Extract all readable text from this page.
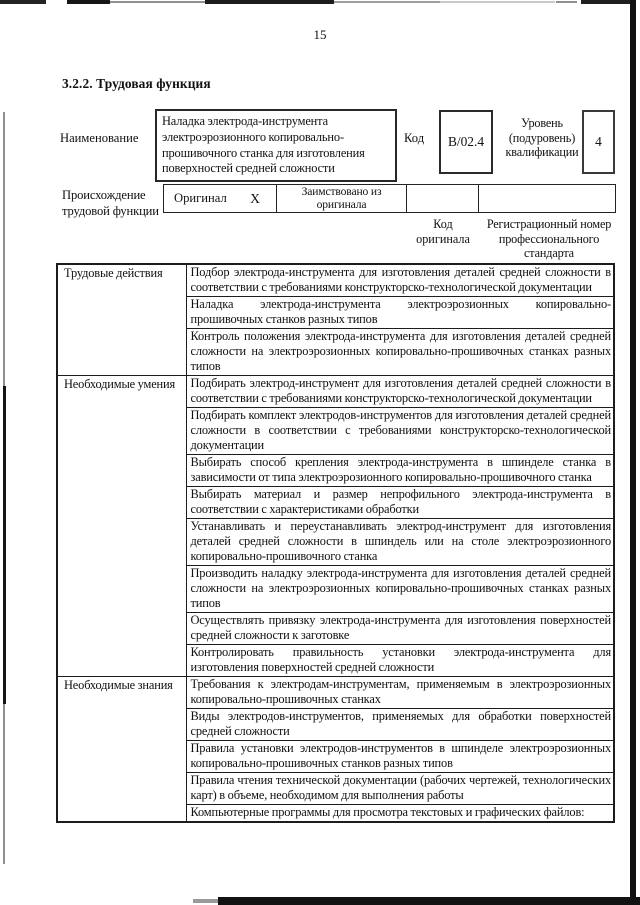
15
3.2.2. Трудовая функция
Наименование
Наладка электрода-инструмента электроэрозионного копировально-прошивочного станка для изготовления поверхностей средней сложности
Код	В/02.4
Уровень (подуровень) квалификации
4
Происхождение трудовой функции
Оригинал X	Заимствовано из оригинала
Код оригинала
Регистрационный номер профессионального стандарта
Трудовые действия	Подбор электрода-инструмента для изготовления деталей средней сложности в соответствии с требованиями конструкторско-технологической документации
	Наладка электрода-инструмента электроэрозионных копировально-прошивочных станков разных типов
	Контроль положения электрода-инструмента для изготовления деталей средней сложности на электроэрозионных копировально-прошивочных станках разных типов
Необходимые умения	Подбирать электрод-инструмент для изготовления деталей средней сложности в соответствии с требованиями конструкторско-технологической документации
	Подбирать комплект электродов-инструментов для изготовления деталей средней сложности в соответствии с требованиями конструкторско-технологической документации
	Выбирать способ крепления электрода-инструмента в шпинделе станка в зависимости от типа электроэрозионного копировально-прошивочного станка
	Выбирать материал и размер непрофильного электрода-инструмента в соответствии с характеристиками обработки
	Устанавливать и переустанавливать электрод-инструмент для изготовления деталей средней сложности в шпиндель или на столе электроэрозионного копировально-прошивочного станка
	Производить наладку электрода-инструмента для изготовления деталей средней сложности на электроэрозионных копировально-прошивочных станках разных типов
	Осуществлять привязку электрода-инструмента для изготовления поверхностей средней сложности к заготовке
	Контролировать правильность установки электрода-инструмента для изготовления поверхностей средней сложности
Необходимые знания	Требования к электродам-инструментам, применяемым в электроэрозионных копировально-прошивочных станках
	Виды электродов-инструментов, применяемых для обработки поверхностей средней сложности
	Правила установки электродов-инструментов в шпинделе электроэрозионных копировально-прошивочных станков разных типов
	Правила чтения технической документации (рабочих чертежей, технологических карт) в объеме, необходимом для выполнения работы
	Компьютерные программы для просмотра текстовых и графических файлов:
